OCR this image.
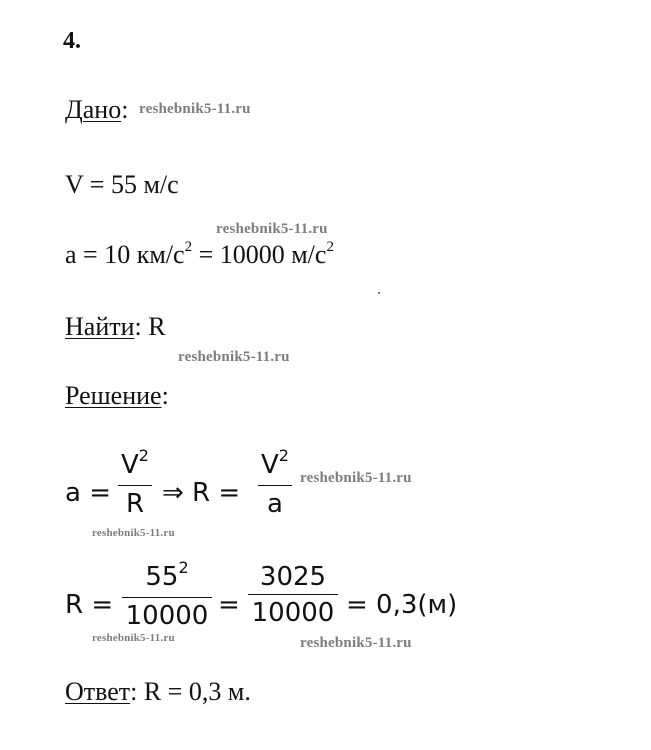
4.
Дано: reshebnik5-11.ru
V = 55 м/с
reshebnik5-11.ru
a = 10 $км/с^2 = 10000$ $м/с^2$
Найти: R
reshebnik5-11.ru
Решение:
a =
$V^2$
R ⇒ R =
$V^2$
a
reshebnik5-11.ru
reshebnik5-11.ru
R =
$55^2$
10000 =
3025
10000 = 0,3(м)
reshebnik5-11.ru	reshebnik5-11.ru
Ответ: R = 0,3 м.
